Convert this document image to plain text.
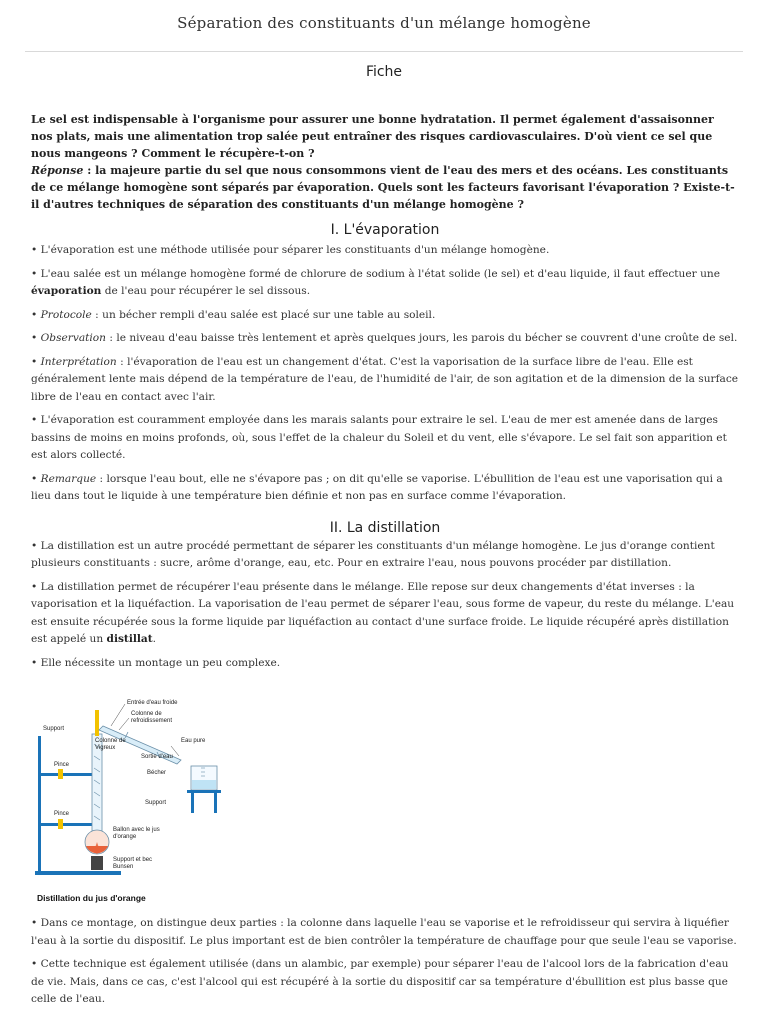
Séparation des constituants d'un mélange homogène
Fiche

Le sel est indispensable à l'organisme pour assurer une bonne hydratation. Il permet également d'assaisonner nos plats, mais une alimentation trop salée peut entraîner des risques cardiovasculaires. D'où vient ce sel que nous mangeons ? Comment le récupère-t-on ?

Réponse : la majeure partie du sel que nous consommons vient de l'eau des mers et des océans. Les constituants de ce mélange homogène sont séparés par évaporation. Quels sont les facteurs favorisant l'évaporation ? Existe-t-il d'autres techniques de séparation des constituants d'un mélange homogène ?

I. L'évaporation

• L'évaporation est une méthode utilisée pour séparer les constituants d'un mélange homogène.

• L'eau salée est un mélange homogène formé de chlorure de sodium à l'état solide (le sel) et d'eau liquide, il faut effectuer une évaporation de l'eau pour récupérer le sel dissous.

• Protocole : un bécher rempli d'eau salée est placé sur une table au soleil.

• Observation : le niveau d'eau baisse très lentement et après quelques jours, les parois du bécher se couvrent d'une croûte de sel.

• Interprétation : l'évaporation de l'eau est un changement d'état. C'est la vaporisation de la surface libre de l'eau. Elle est généralement lente mais dépend de la température de l'eau, de l'humidité de l'air, de son agitation et de la dimension de la surface libre de l'eau en contact avec l'air.

• L'évaporation est couramment employée dans les marais salants pour extraire le sel. L'eau de mer est amenée dans de larges bassins de moins en moins profonds, où, sous l'effet de la chaleur du Soleil et du vent, elle s'évapore. Le sel fait son apparition et est alors collecté.

• Remarque : lorsque l'eau bout, elle ne s'évapore pas ; on dit qu'elle se vaporise. L'ébullition de l'eau est une vaporisation qui a lieu dans tout le liquide à une température bien définie et non pas en surface comme l'évaporation.

II. La distillation

• La distillation est un autre procédé permettant de séparer les constituants d'un mélange homogène. Le jus d'orange contient plusieurs constituants : sucre, arôme d'orange, eau, etc. Pour en extraire l'eau, nous pouvons procéder par distillation.

• La distillation permet de récupérer l'eau présente dans le mélange. Elle repose sur deux changements d'état inverses : la vaporisation et la liquéfaction. La vaporisation de l'eau permet de séparer l'eau, sous forme de vapeur, du reste du mélange. L'eau est ensuite récupérée sous la forme liquide par liquéfaction au contact d'une surface froide. Le liquide récupéré après distillation est appelé un distillat.

• Elle nécessite un montage un peu complexe.

Entrée d'eau froide
Colonne de refroidissement
Support
Colonne de Vigreux
Eau pure
Sortie d'eau
Bécher
Pince
Pince
Support
Ballon avec le jus d'orange
Support et bec Bunsen
Distillation du jus d'orange

• Dans ce montage, on distingue deux parties : la colonne dans laquelle l'eau se vaporise et le refroidisseur qui servira à liquéfier l'eau à la sortie du dispositif. Le plus important est de bien contrôler la température de chauffage pour que seule l'eau se vaporise.

• Cette technique est également utilisée (dans un alambic, par exemple) pour séparer l'eau de l'alcool lors de la fabrication d'eau de vie. Mais, dans ce cas, c'est l'alcool qui est récupéré à la sortie du dispositif car sa température d'ébullition est plus basse que celle de l'eau.
